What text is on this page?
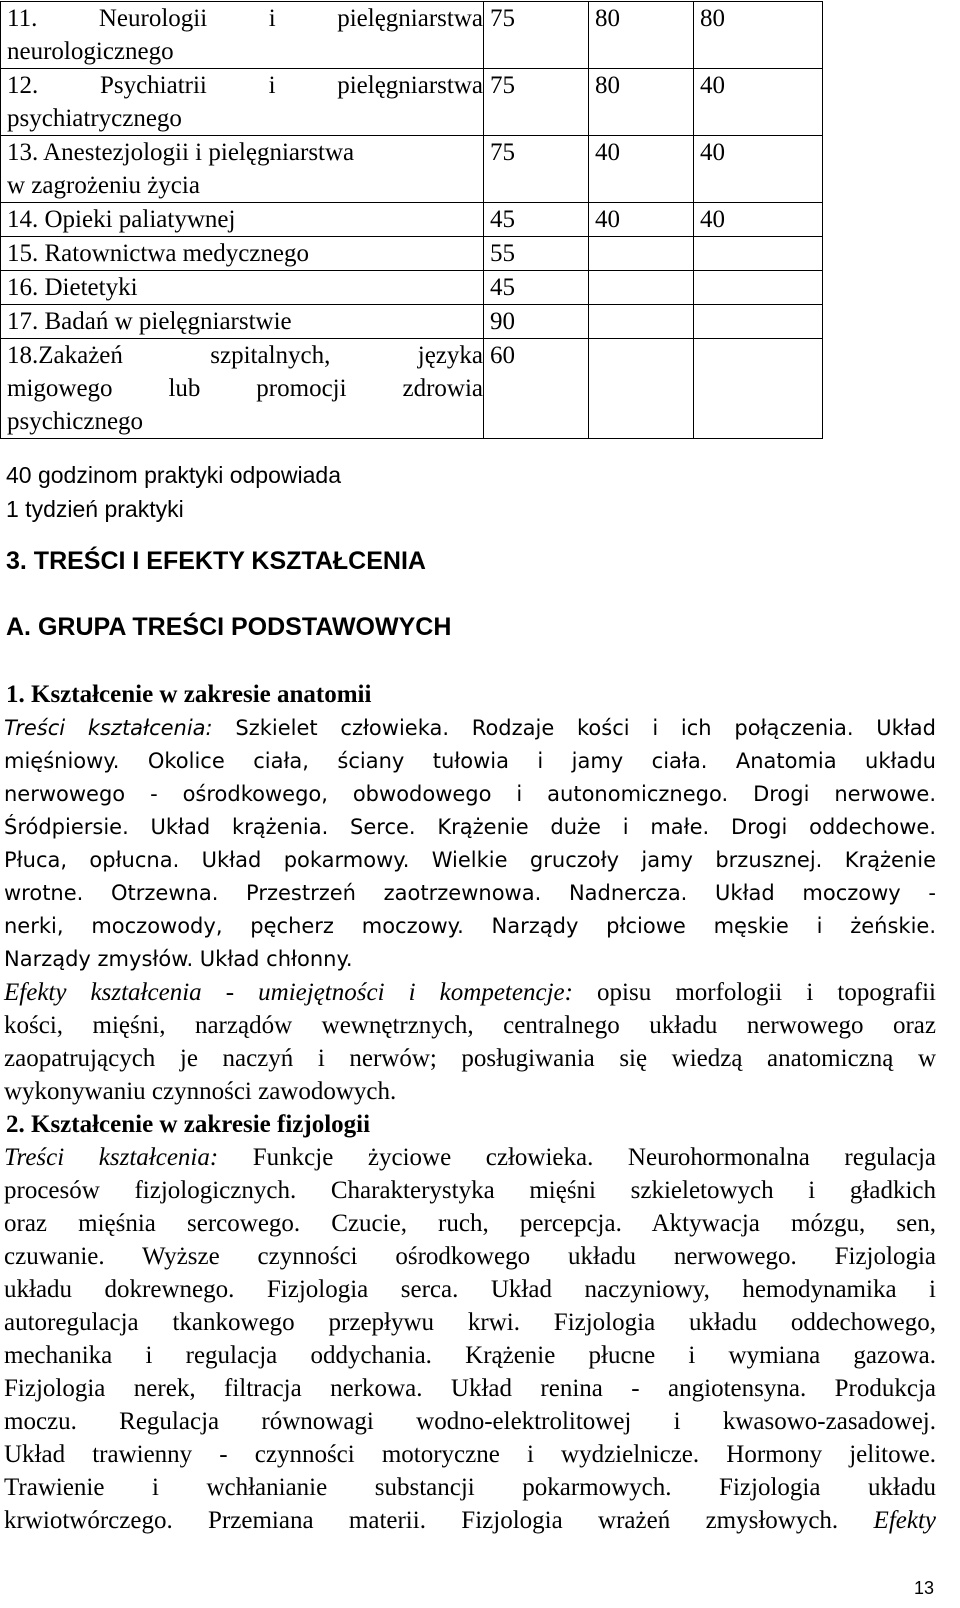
11. Neurologii i pielęgniarstwa
neurologicznego	75	80	80

12. Psychiatrii i pielęgniarstwa
psychiatrycznego	75	80	40

13. Anestezjologii i pielęgniarstwa
w zagrożeniu życia	75	40	40

14. Opieki paliatywnej	45	40	40

15. Ratownictwa medycznego	55		

16. Dietetyki	45		

17. Badań w pielęgniarstwie	90		

18.Zakażeń szpitalnych, języka
migowego lub promocji zdrowia
psychicznego	60		
40 godzinom praktyki odpowiada
1 tydzień praktyki
3. TREŚCI I EFEKTY KSZTAŁCENIA
A. GRUPA TREŚCI PODSTAWOWYCH
1. Kształcenie w zakresie anatomii
Treści kształcenia: Szkielet człowieka. Rodzaje kości i ich połączenia. Układ
mięśniowy. Okolice ciała, ściany tułowia i jamy ciała. Anatomia układu
nerwowego - ośrodkowego, obwodowego i autonomicznego. Drogi nerwowe.
Śródpiersie. Układ krążenia. Serce. Krążenie duże i małe. Drogi oddechowe.
Płuca, opłucna. Układ pokarmowy. Wielkie gruczoły jamy brzusznej. Krążenie
wrotne. Otrzewna. Przestrzeń zaotrzewnowa. Nadnercza. Układ moczowy -
nerki, moczowody, pęcherz moczowy. Narządy płciowe męskie i żeńskie.
Narządy zmysłów. Układ chłonny.
Efekty kształcenia - umiejętności i kompetencje: opisu morfologii i topografii
kości, mięśni, narządów wewnętrznych, centralnego układu nerwowego oraz
zaopatrujących je naczyń i nerwów; posługiwania się wiedzą anatomiczną w
wykonywaniu czynności zawodowych.
2. Kształcenie w zakresie fizjologii
Treści kształcenia: Funkcje życiowe człowieka. Neurohormonalna regulacja
procesów fizjologicznych. Charakterystyka mięśni szkieletowych i gładkich
oraz mięśnia sercowego. Czucie, ruch, percepcja. Aktywacja mózgu, sen,
czuwanie. Wyższe czynności ośrodkowego układu nerwowego. Fizjologia
układu dokrewnego. Fizjologia serca. Układ naczyniowy, hemodynamika i
autoregulacja tkankowego przepływu krwi. Fizjologia układu oddechowego,
mechanika i regulacja oddychania. Krążenie płucne i wymiana gazowa.
Fizjologia nerek, filtracja nerkowa. Układ renina - angiotensyna. Produkcja
moczu. Regulacja równowagi wodno-elektrolitowej i kwasowo-zasadowej.
Układ trawienny - czynności motoryczne i wydzielnicze. Hormony jelitowe.
Trawienie i wchłanianie substancji pokarmowych. Fizjologia układu
krwiotwórczego. Przemiana materii. Fizjologia wrażeń zmysłowych. Efekty
13
